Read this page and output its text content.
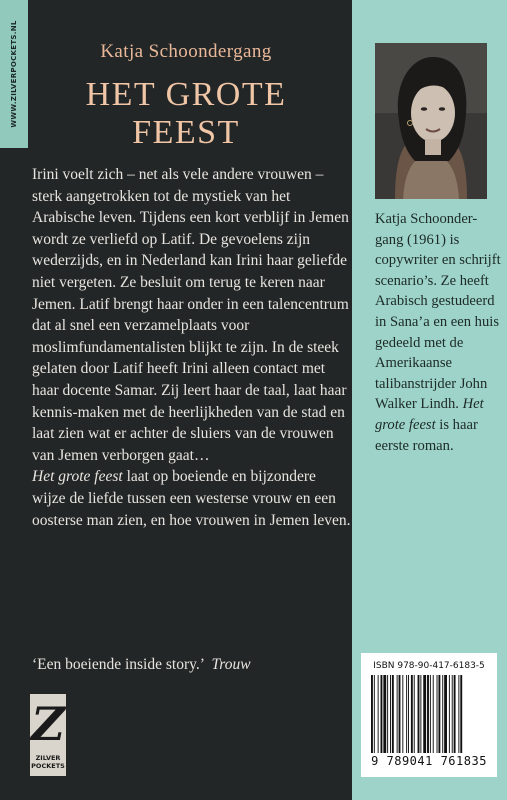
WWW.ZILVERPOCKETS.NL	Katja Schoondergang
HET GROTE
FEEST

Irini voelt zich – net als vele andere vrouwen – sterk aangetrokken tot de mystiek van het Arabische leven. Tijdens een kort verblijf in Jemen wordt ze verliefd op Latif. De gevoelens zijn wederzijds, en in Nederland kan Irini haar geliefde niet vergeten. Ze besluit om terug te keren naar Jemen. Latif brengt haar onder in een talencentrum dat al snel een verzamelplaats voor moslimfundamentalisten blijkt te zijn. In de steek gelaten door Latif heeft Irini alleen contact met haar docente Samar. Zij leert haar de taal, laat haar kennis-maken met de heerlijkheden van de stad en laat zien wat er achter de sluiers van de vrouwen van Jemen verborgen gaat…
Het grote feest laat op boeiende en bijzondere wijze de liefde tussen een westerse vrouw en een oosterse man zien, en hoe vrouwen in Jemen leven.

‘Een boeiende inside story.’ Trouw
Z
ZILVER
POCKETS

Katja Schoonder-gang (1961) is copywriter en schrijft scenario’s. Ze heeft Arabisch gestudeerd in Sana’a en een huis gedeeld met de Amerikaanse talibanstrijder John Walker Lindh. Het grote feest is haar eerste roman.

ISBN 978-90-417-6183-5
9 789041 761835
